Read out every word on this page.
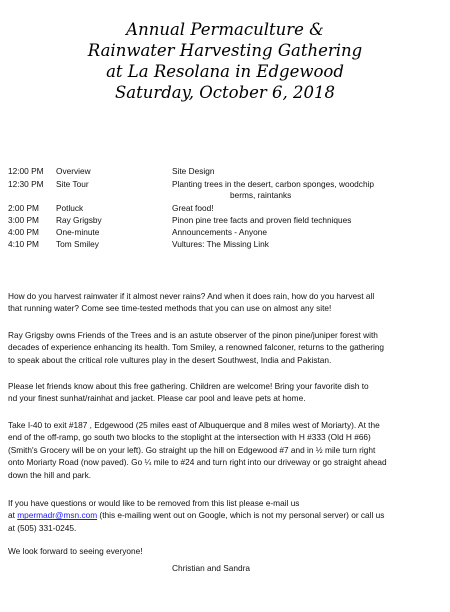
Annual Permaculture &
Rainwater Harvesting Gathering
at La Resolana in Edgewood
Saturday, October 6, 2018
12:00 PM Overview	Site Design
12:30 PM Site Tour	Planting trees in the desert, carbon sponges, woodchip
berms, raintanks
2:00 PM Potluck	Great food!
3:00 PM Ray Grigsby	Pinon pine tree facts and proven field techniques
4:00 PM One-minute	Announcements - Anyone
4:10 PM Tom Smiley	Vultures: The Missing Link
How do you harvest rainwater if it almost never rains? And when it does rain, how do you harvest all
that running water? Come see time-tested methods that you can use on almost any site!
Ray Grigsby owns Friends of the Trees and is an astute observer of the pinon pine/juniper forest with
decades of experience enhancing its health. Tom Smiley, a renowned falconer, returns to the gathering
to speak about the critical role vultures play in the desert Southwest, India and Pakistan.
Please let friends know about this free gathering. Children are welcome! Bring your favorite dish to
nd your finest sunhat/rainhat and jacket. Please car pool and leave pets at home.
Take I-40 to exit #187 , Edgewood (25 miles east of Albuquerque and 8 miles west of Moriarty). At the
end of the off-ramp, go south two blocks to the stoplight at the intersection with H #333 (Old H #66)
(Smith's Grocery will be on your left). Go straight up the hill on Edgewood #7 and in ½ mile turn right
onto Moriarty Road (now paved). Go ¼ mile to #24 and turn right into our driveway or go straight ahead
down the hill and park.
If you have questions or would like to be removed from this list please e-mail us
at mpermadr@msn.com (this e-mailing went out on Google, which is not my personal server) or call us
at (505) 331-0245.
We look forward to seeing everyone!
Christian and Sandra
